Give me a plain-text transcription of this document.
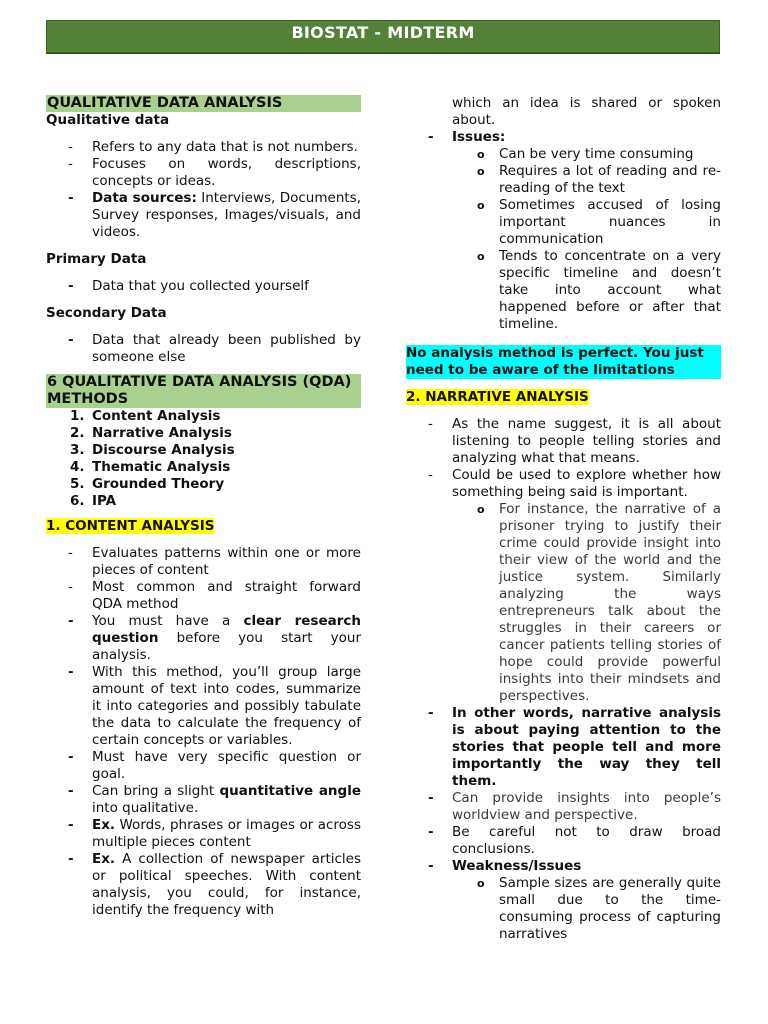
BIOSTAT - MIDTERM
QUALITATIVE DATA ANALYSIS
Qualitative data
- Refers to any data that is not numbers.
- Focuses on words, descriptions, concepts or ideas.
- Data sources: Interviews, Documents, Survey responses, Images/visuals, and videos.
Primary Data
- Data that you collected yourself
Secondary Data
- Data that already been published by someone else
6 QUALITATIVE DATA ANALYSIS (QDA) METHODS
1. Content Analysis
2. Narrative Analysis
3. Discourse Analysis
4. Thematic Analysis
5. Grounded Theory
6. IPA
1. CONTENT ANALYSIS
- Evaluates patterns within one or more pieces of content
- Most common and straight forward QDA method
- You must have a clear research question before you start your analysis.
- With this method, you’ll group large amount of text into codes, summarize it into categories and possibly tabulate the data to calculate the frequency of certain concepts or variables.
- Must have very specific question or goal.
- Can bring a slight quantitative angle into qualitative.
- Ex. Words, phrases or images or across multiple pieces content
- Ex. A collection of newspaper articles or political speeches. With content analysis, you could, for instance, identify the frequency with
which an idea is shared or spoken about.
- Issues:
o Can be very time consuming
o Requires a lot of reading and re-reading of the text
o Sometimes accused of losing important nuances in communication
o Tends to concentrate on a very specific timeline and doesn’t take into account what happened before or after that timeline.
No analysis method is perfect. You just need to be aware of the limitations
2. NARRATIVE ANALYSIS
- As the name suggest, it is all about listening to people telling stories and analyzing what that means.
- Could be used to explore whether how something being said is important.
o For instance, the narrative of a prisoner trying to justify their crime could provide insight into their view of the world and the justice system. Similarly analyzing the ways entrepreneurs talk about the struggles in their careers or cancer patients telling stories of hope could provide powerful insights into their mindsets and perspectives.
- In other words, narrative analysis is about paying attention to the stories that people tell and more importantly the way they tell them.
- Can provide insights into people’s worldview and perspective.
- Be careful not to draw broad conclusions.
- Weakness/Issues
o Sample sizes are generally quite small due to the time-consuming process of capturing narratives
